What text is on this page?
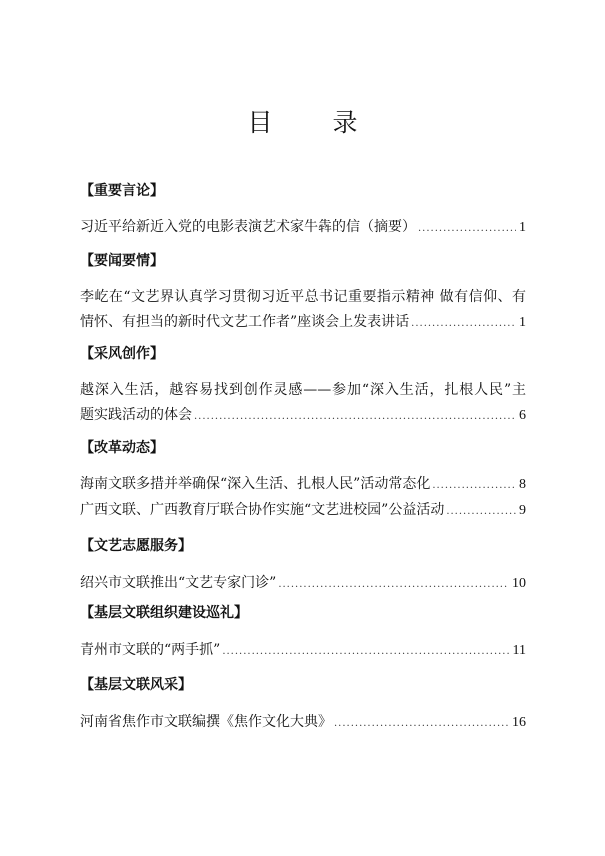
目 录
【重要言论】
习近平给新近入党的电影表演艺术家牛犇的信（摘要） .....	1
【要闻要情】
李屹在“文艺界认真学习贯彻习近平总书记重要指示精神 做有信仰、有
情怀、有担当的新时代文艺工作者”座谈会上发表讲话 .....	1
【采风创作】
越深入生活，越容易找到创作灵感——参加“深入生活，扎根人民”主
题实践活动的体会 .....	6
【改革动态】
海南文联多措并举确保“深入生活、扎根人民”活动常态化 .....	8
广西文联、广西教育厅联合协作实施“文艺进校园”公益活动 .....	9
【文艺志愿服务】
绍兴市文联推出“文艺专家门诊” .....	10
【基层文联组织建设巡礼】
青州市文联的“两手抓” .....	11
【基层文联风采】
河南省焦作市文联编撰《焦作文化大典》 .....	16
